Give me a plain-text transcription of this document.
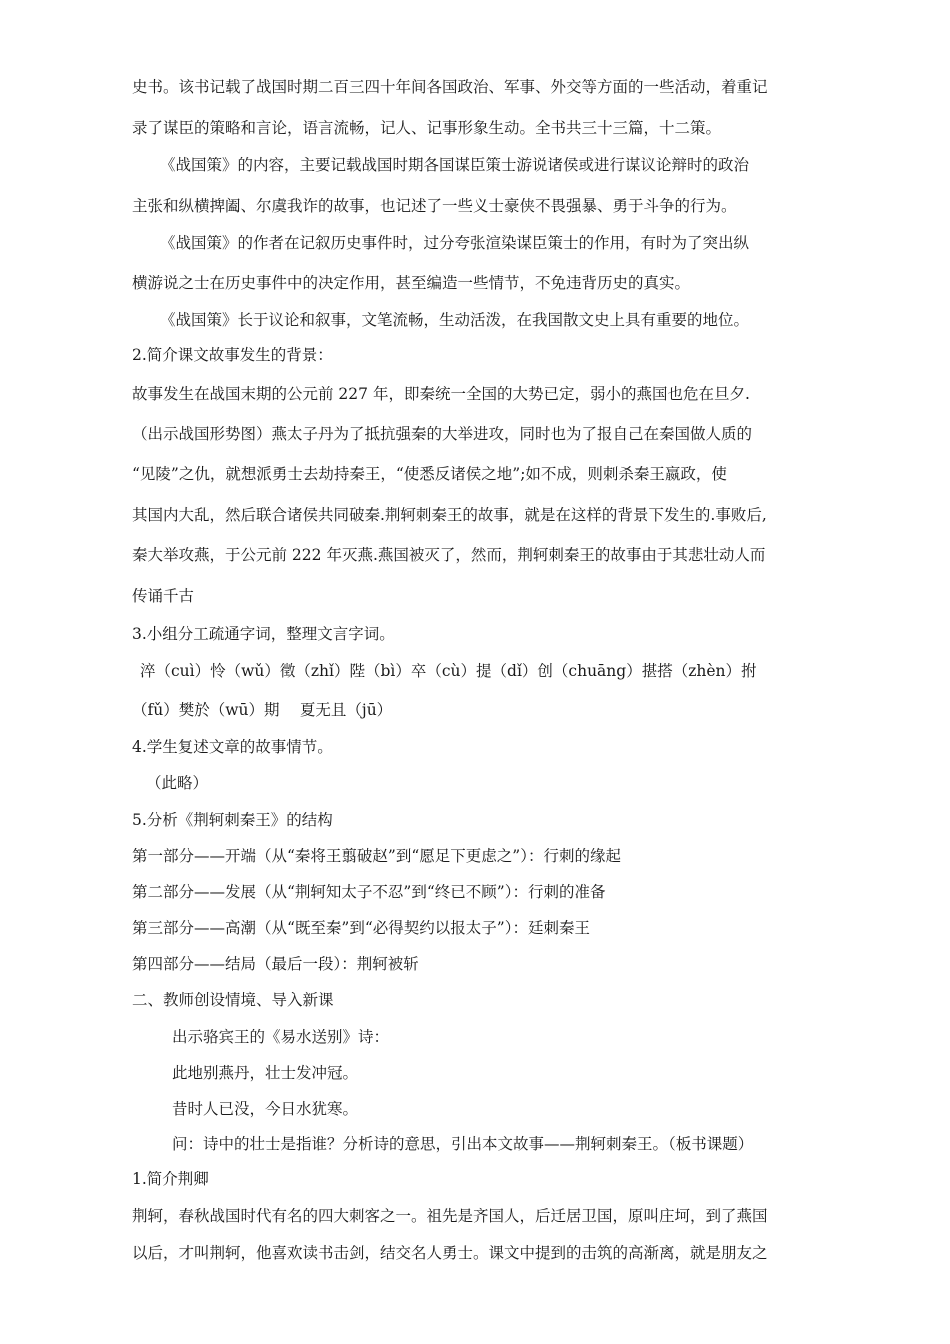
史书。该书记载了战国时期二百三四十年间各国政治、军事、外交等方面的一些活动，着重记
录了谋臣的策略和言论，语言流畅，记人、记事形象生动。全书共三十三篇，十二策。
《战国策》的内容，主要记载战国时期各国谋臣策士游说诸侯或进行谋议论辩时的政治
主张和纵横捭阖、尔虞我诈的故事，也记述了一些义士豪侠不畏强暴、勇于斗争的行为。
《战国策》的作者在记叙历史事件时，过分夸张渲染谋臣策士的作用，有时为了突出纵
横游说之士在历史事件中的决定作用，甚至编造一些情节，不免违背历史的真实。
《战国策》长于议论和叙事，文笔流畅，生动活泼，在我国散文史上具有重要的地位。
2.简介课文故事发生的背景：
故事发生在战国末期的公元前 227 年，即秦统一全国的大势已定，弱小的燕国也危在旦夕.
（出示战国形势图）燕太子丹为了抵抗强秦的大举进攻，同时也为了报自己在秦国做人质的
“见陵”之仇，就想派勇士去劫持秦王，“使悉反诸侯之地”;如不成，则刺杀秦王嬴政，使
其国内大乱，然后联合诸侯共同破秦.荆轲刺秦王的故事，就是在这样的背景下发生的.事败后,
秦大举攻燕，于公元前 222 年灭燕.燕国被灭了，然而，荆轲刺秦王的故事由于其悲壮动人而
传诵千古
3.小组分工疏通字词，整理文言字词。
淬（cuì）怜（wǔ）徵（zhǐ）陛（bì）卒（cù）提（dǐ）创（chuāng）揕搭（zhèn）拊
（fǔ）樊於（wū）期　 夏无且（jū）
4.学生复述文章的故事情节。
（此略）
5.分析《荆轲刺秦王》的结构
第一部分——开端（从“秦将王翦破赵”到“愿足下更虑之”）：行刺的缘起
第二部分——发展（从“荆轲知太子不忍”到“终已不顾”）：行刺的准备
第三部分——高潮（从“既至秦”到“必得契约以报太子”）：廷刺秦王
第四部分——结局（最后一段）：荆轲被斩
二、教师创设情境、导入新课
出示骆宾王的《易水送别》诗：
此地别燕丹，壮士发冲冠。
昔时人已没，今日水犹寒。
问：诗中的壮士是指谁？分析诗的意思，引出本文故事——荆轲刺秦王。（板书课题）
1.简介荆卿
荆轲，春秋战国时代有名的四大刺客之一。祖先是齐国人，后迁居卫国，原叫庄坷，到了燕国
以后，才叫荆轲，他喜欢读书击剑，结交名人勇士。课文中提到的击筑的高渐离，就是朋友之
